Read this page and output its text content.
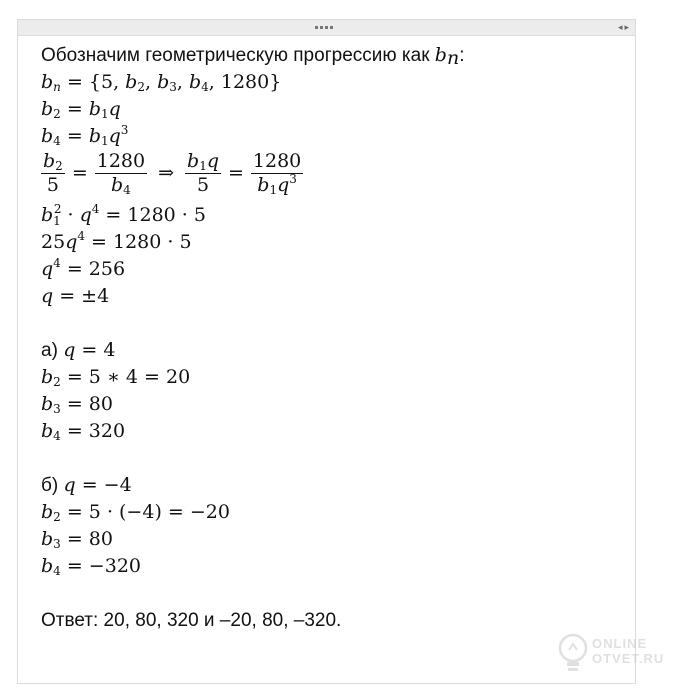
◂▸
Обозначим геометрическую прогрессию как $b_n$:
$b_n = \{5$, $b_2$, $b_3$, $b_4$, 1280}
$b_2 = b_1q$
$b_4 = b_1q^3$
$\frac{b_2}{5} = \frac{1280}{b_4}$ ⇒ $\frac{b_1q}{5} = \frac{1280}{b_1q^3}$
$b_1^2 \cdot q^4 = 1280 \cdot 5$
$25q^4 = 1280 \cdot 5$
$q^4 = 256$
q = ±4
а) q = 4
$b_2 = 5$ ∗ 4 = 20
$b_3 = 80$
$b_4 = 320$
б) q = −4
$b_2 = 5 \cdot (-4) = -20$
$b_3 = 80$
$b_4 = -320$
Ответ: 20, 80, 320 и –20, 80, –320.
ONLINE
OTVET.RU
